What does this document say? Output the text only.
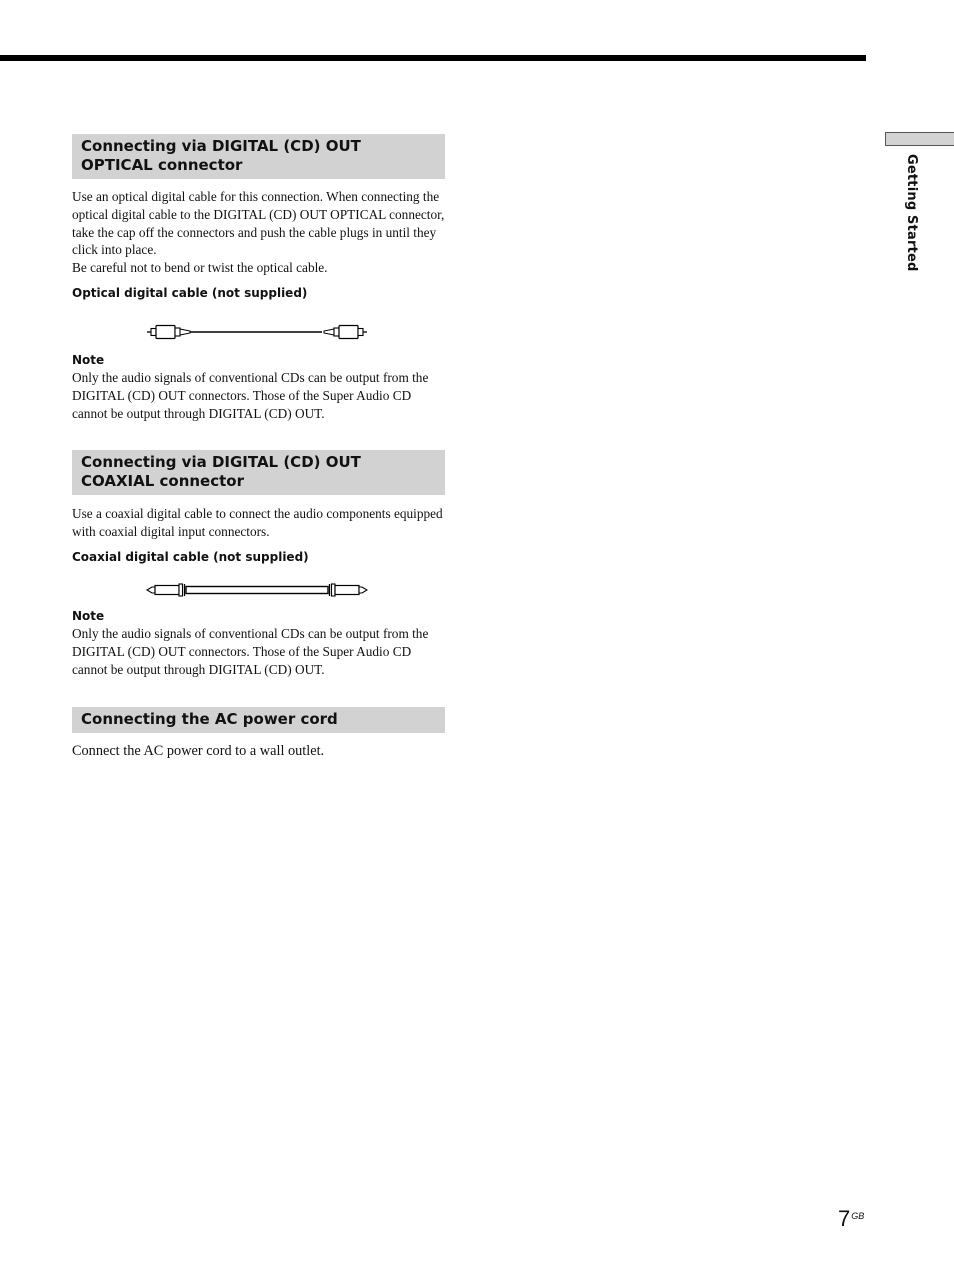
Getting Started
Connecting via DIGITAL (CD) OUT OPTICAL connector

Use an optical digital cable for this connection. When connecting the optical digital cable to the DIGITAL (CD) OUT OPTICAL connector, take the cap off the connectors and push the cable plugs in until they click into place.

Be careful not to bend or twist the optical cable.

Optical digital cable (not supplied)
Note

Only the audio signals of conventional CDs can be output from the DIGITAL (CD) OUT connectors. Those of the Super Audio CD cannot be output through DIGITAL (CD) OUT.

Connecting via DIGITAL (CD) OUT COAXIAL connector

Use a coaxial digital cable to connect the audio components equipped with coaxial digital input connectors.

Coaxial digital cable (not supplied)
Note

Only the audio signals of conventional CDs can be output from the DIGITAL (CD) OUT connectors. Those of the Super Audio CD cannot be output through DIGITAL (CD) OUT.

Connecting the AC power cord

Connect the AC power cord to a wall outlet.

$7^{GB}$
